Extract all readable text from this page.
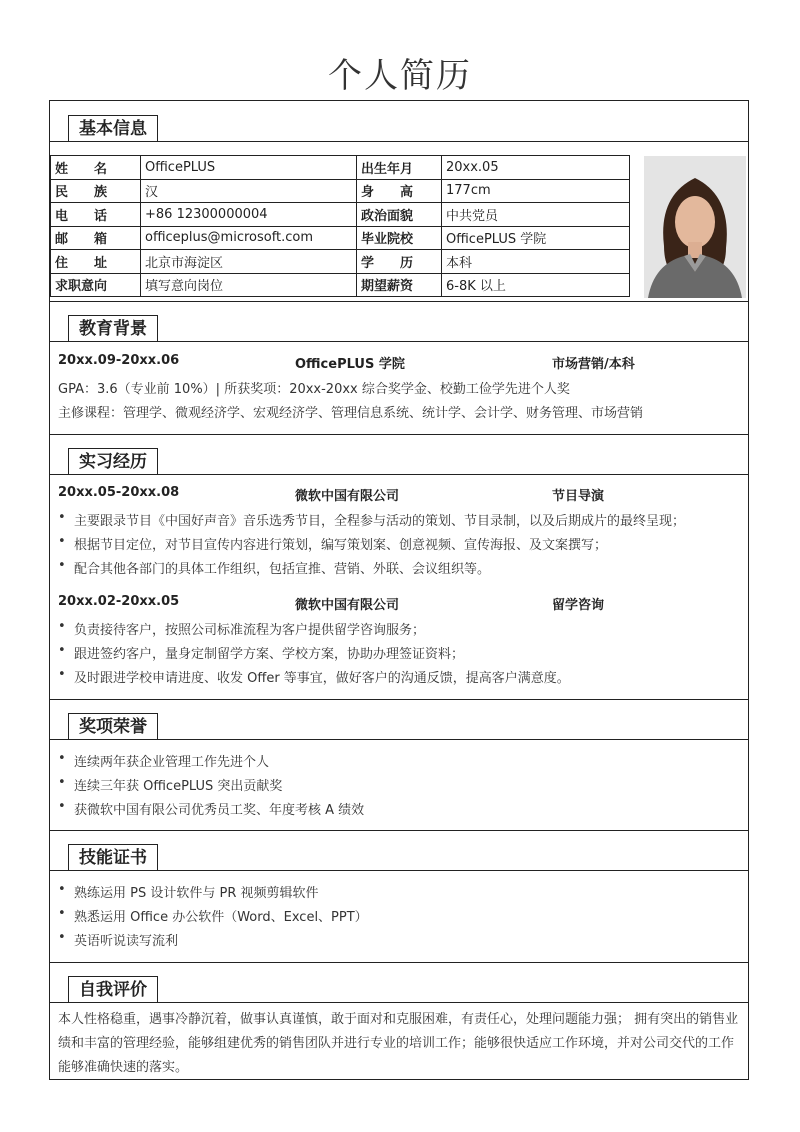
个人简历
基本信息
姓　　名	OfficePLUS	出生年月	20xx.05
民　　族	汉	身　　高	177cm
电　　话	+86 12300000004	政治面貌	中共党员
邮　　箱	officeplus@microsoft.com	毕业院校	OfficePLUS 学院
住　　址	北京市海淀区	学　　历	本科
求职意向	填写意向岗位	期望薪资	6-8K 以上
教育背景
20xx.09-20xx.06	OfficePLUS 学院	市场营销/本科
GPA：3.6（专业前 10%）| 所获奖项：20xx-20xx 综合奖学金、校勤工俭学先进个人奖
主修课程：管理学、微观经济学、宏观经济学、管理信息系统、统计学、会计学、财务管理、市场营销
实习经历
20xx.05-20xx.08	微软中国有限公司	节目导演
主要跟录节目《中国好声音》音乐选秀节目，全程参与活动的策划、节目录制，以及后期成片的最终呈现；
根据节目定位，对节目宣传内容进行策划，编写策划案、创意视频、宣传海报、及文案撰写；
配合其他各部门的具体工作组织，包括宣推、营销、外联、会议组织等。
20xx.02-20xx.05	微软中国有限公司	留学咨询
负责接待客户，按照公司标准流程为客户提供留学咨询服务；
跟进签约客户，量身定制留学方案、学校方案，协助办理签证资料；
及时跟进学校申请进度、收发 Offer 等事宜，做好客户的沟通反馈，提高客户满意度。
奖项荣誉
连续两年获企业管理工作先进个人
连续三年获 OfficePLUS 突出贡献奖
获微软中国有限公司优秀员工奖、年度考核 A 绩效
技能证书
熟练运用 PS 设计软件与 PR 视频剪辑软件
熟悉运用 Office 办公软件（Word、Excel、PPT）
英语听说读写流利
自我评价
本人性格稳重，遇事冷静沉着，做事认真谨慎，敢于面对和克服困难，有责任心，处理问题能力强； 拥有突出的销售业绩和丰富的管理经验，能够组建优秀的销售团队并进行专业的培训工作；能够很快适应工作环境，并对公司交代的工作能够准确快速的落实。
